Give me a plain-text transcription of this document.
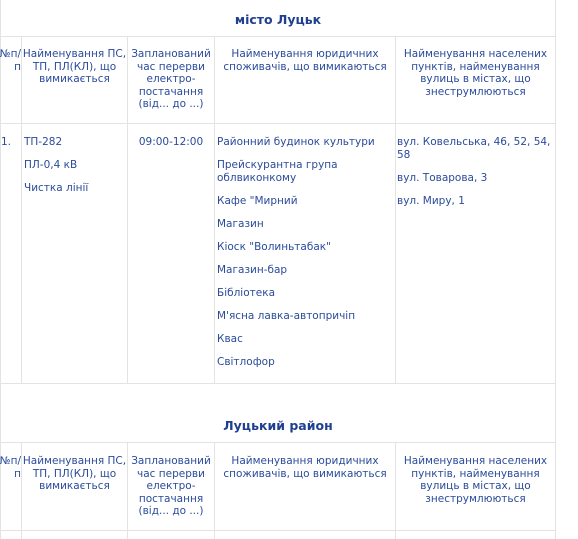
місто Луцьк
№п/п
Найменування ПС, ТП, ПЛ(КЛ), що вимикається
Запланований час перерви електро-постачання (від... до ...)
Найменування юридичних споживачів, що вимикаються
Найменування населених пунктів, найменування вулиць в містах, що знеструмлюються
1.	ТП-282
ПЛ-0,4 кВ
Чистка лінії
09:00-12:00	Районний будинок культури
Прейскурантна група облвиконкому
Кафе "Мирний
Магазин
Кіоск "Волиньтабак"
Магазин-бар
Бібліотека
М'ясна лавка-автопричіп
Квас
Світлофор
вул. Ковельська, 46, 52, 54, 58
вул. Товарова, 3
вул. Миру, 1
Луцький район
№п/п
Найменування ПС, ТП, ПЛ(КЛ), що вимикається
Запланований час перерви електро-постачання (від... до ...)
Найменування юридичних споживачів, що вимикаються
Найменування населених пунктів, найменування вулиць в містах, що знеструмлюються
